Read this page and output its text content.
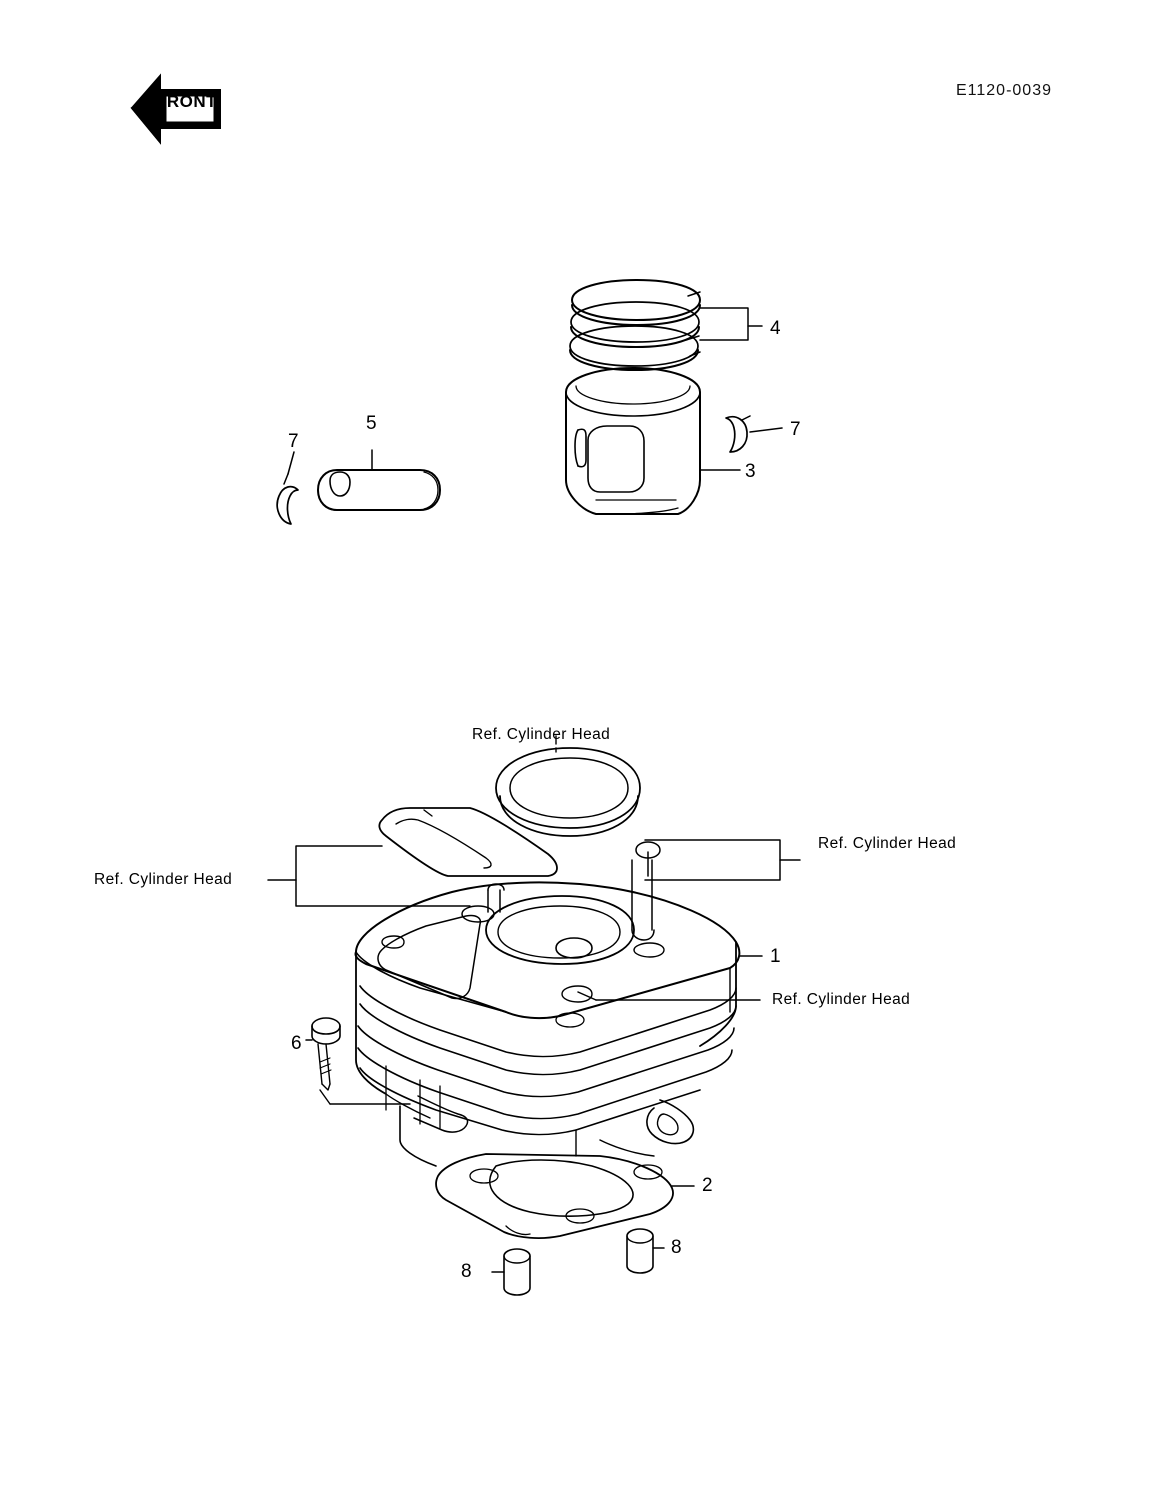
FRONT
E1120-0039
4
7
3
7
5
Ref. Cylinder Head
Ref. Cylinder Head
Ref. Cylinder Head
Ref. Cylinder Head
1
6
2
8
8
